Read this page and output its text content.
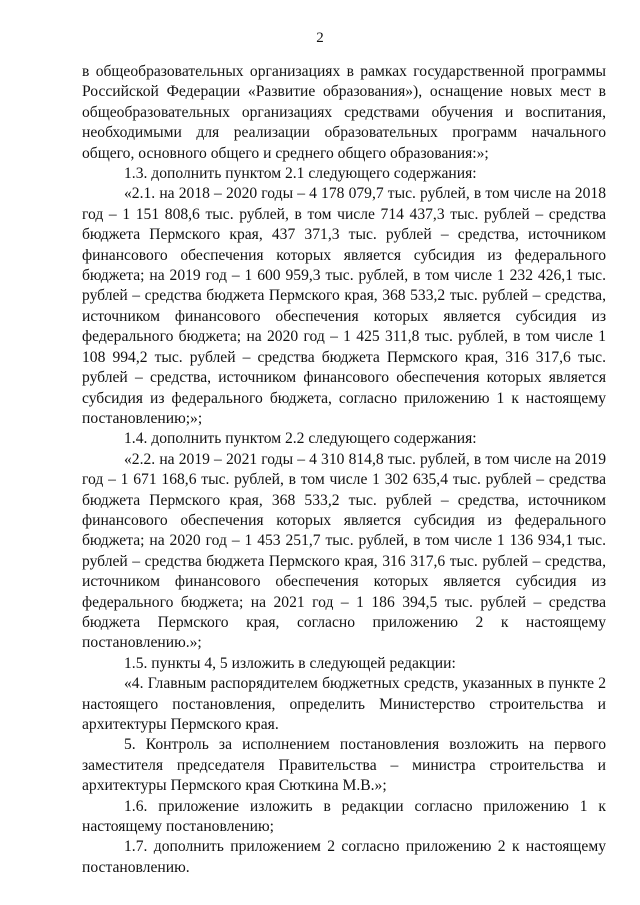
2

в общеобразовательных организациях в рамках государственной программы Российской Федерации «Развитие образования»), оснащение новых мест в общеобразовательных организациях средствами обучения и воспитания, необходимыми для реализации образовательных программ начального общего, основного общего и среднего общего образования:»;

1.3. дополнить пунктом 2.1 следующего содержания:

«2.1. на 2018 – 2020 годы – 4 178 079,7 тыс. рублей, в том числе на 2018 год – 1 151 808,6 тыс. рублей, в том числе 714 437,3 тыс. рублей – средства бюджета Пермского края, 437 371,3 тыс. рублей – средства, источником финансового обеспечения которых является субсидия из федерального бюджета; на 2019 год – 1 600 959,3 тыс. рублей, в том числе 1 232 426,1 тыс. рублей – средства бюджета Пермского края, 368 533,2 тыс. рублей – средства, источником финансового обеспечения которых является субсидия из федерального бюджета; на 2020 год – 1 425 311,8 тыс. рублей, в том числе 1 108 994,2 тыс. рублей – средства бюджета Пермского края, 316 317,6 тыс. рублей – средства, источником финансового обеспечения которых является субсидия из федерального бюджета, согласно приложению 1 к настоящему постановлению;»;

1.4. дополнить пунктом 2.2 следующего содержания:

«2.2. на 2019 – 2021 годы – 4 310 814,8 тыс. рублей, в том числе на 2019 год – 1 671 168,6 тыс. рублей, в том числе 1 302 635,4 тыс. рублей – средства бюджета Пермского края, 368 533,2 тыс. рублей – средства, источником финансового обеспечения которых является субсидия из федерального бюджета; на 2020 год – 1 453 251,7 тыс. рублей, в том числе 1 136 934,1 тыс. рублей – средства бюджета Пермского края, 316 317,6 тыс. рублей – средства, источником финансового обеспечения которых является субсидия из федерального бюджета; на 2021 год – 1 186 394,5 тыс. рублей – средства бюджета Пермского края, согласно приложению 2 к настоящему постановлению.»;

1.5. пункты 4, 5 изложить в следующей редакции:

«4. Главным распорядителем бюджетных средств, указанных в пункте 2 настоящего постановления, определить Министерство строительства и архитектуры Пермского края.

5. Контроль за исполнением постановления возложить на первого заместителя председателя Правительства – министра строительства и архитектуры Пермского края Сюткина М.В.»;

1.6. приложение изложить в редакции согласно приложению 1 к настоящему постановлению;

1.7. дополнить приложением 2 согласно приложению 2 к настоящему постановлению.
